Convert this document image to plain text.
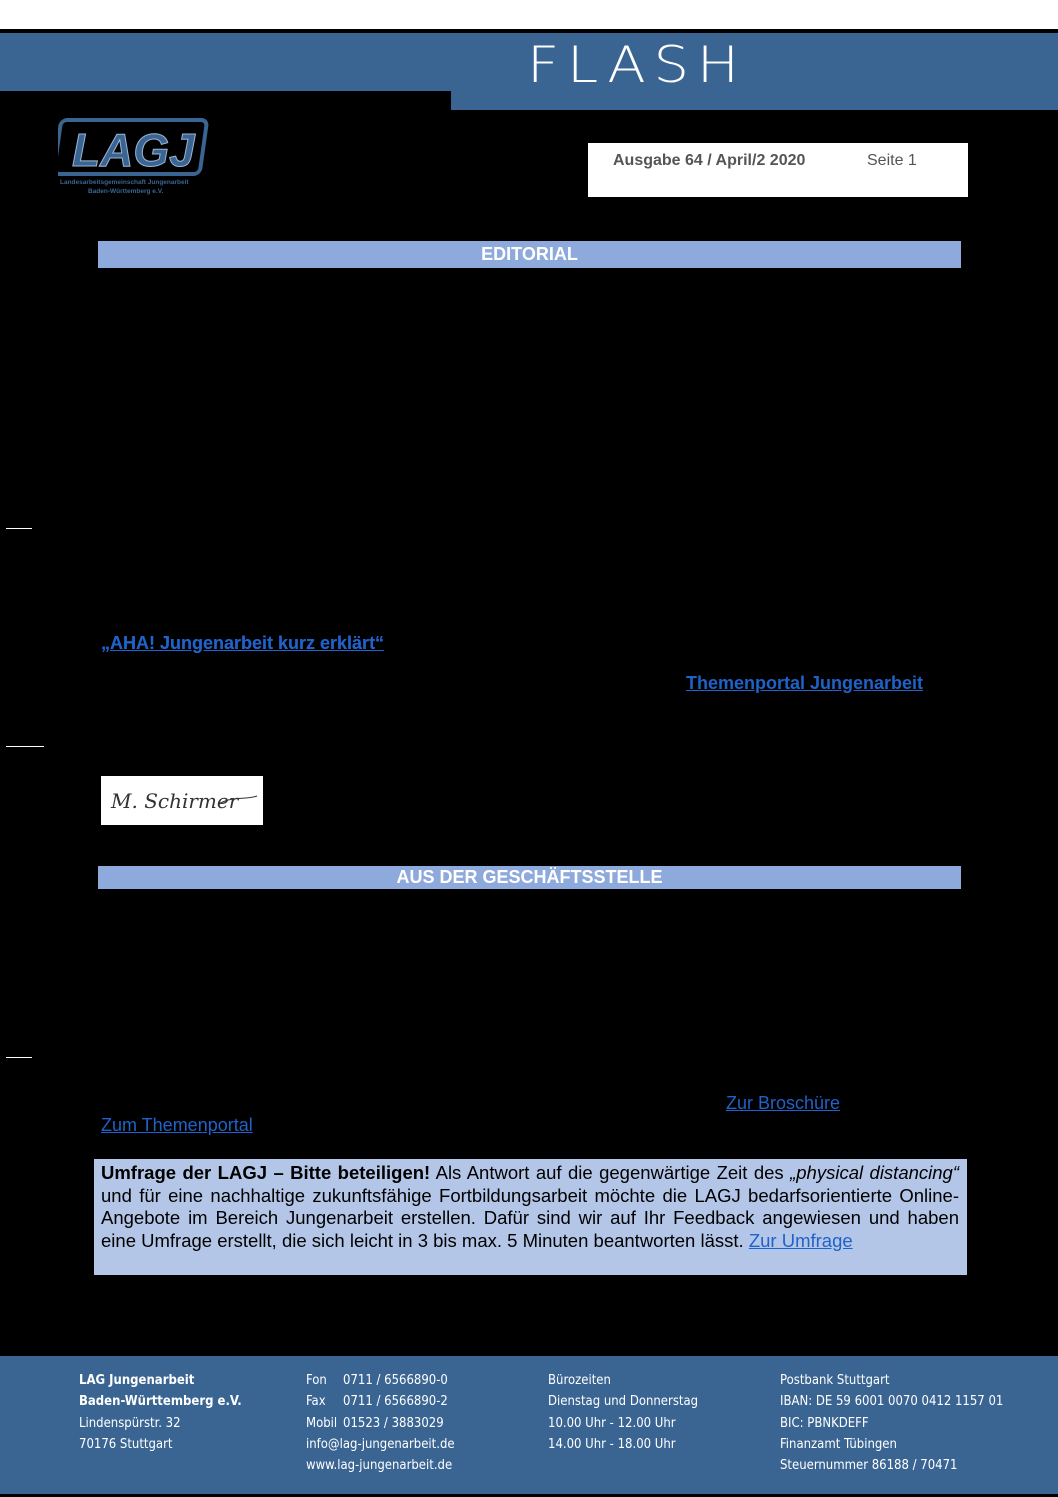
FLASH
LAGJ
Landesarbeitsgemeinschaft Jungenarbeit
Baden-Württemberg e.V.
Ausgabe 64 / April/2 2020	Seite 1
EDITORIAL
„AHA! Jungenarbeit kurz erklärt“
Themenportal Jungenarbeit
M. Schirmer
AUS DER GESCHÄFTSSTELLE
Zur Broschüre
Zum Themenportal
Umfrage der LAGJ – Bitte beteiligen! Als Antwort auf die gegenwärtige Zeit des „physical distancing“ und für eine nachhaltige zukunftsfähige Fortbildungsarbeit möchte die LAGJ bedarfsorientierte Online-Angebote im Bereich Jungenarbeit erstellen. Dafür sind wir auf Ihr Feedback angewiesen und haben eine Umfrage erstellt, die sich leicht in 3 bis max. 5 Minuten beantworten lässt. Zur Umfrage
LAG Jungenarbeit
Baden-Württemberg e.V.
Lindenspürstr. 32
70176 Stuttgart
Fon 0711 / 6566890-0
Fax 0711 / 6566890-2
Mobil 01523 / 3883029
info@lag-jungenarbeit.de
www.lag-jungenarbeit.de
Bürozeiten
Dienstag und Donnerstag
10.00 Uhr - 12.00 Uhr
14.00 Uhr - 18.00 Uhr
Postbank Stuttgart
IBAN: DE 59 6001 0070 0412 1157 01
BIC: PBNKDEFF
Finanzamt Tübingen
Steuernummer 86188 / 70471
